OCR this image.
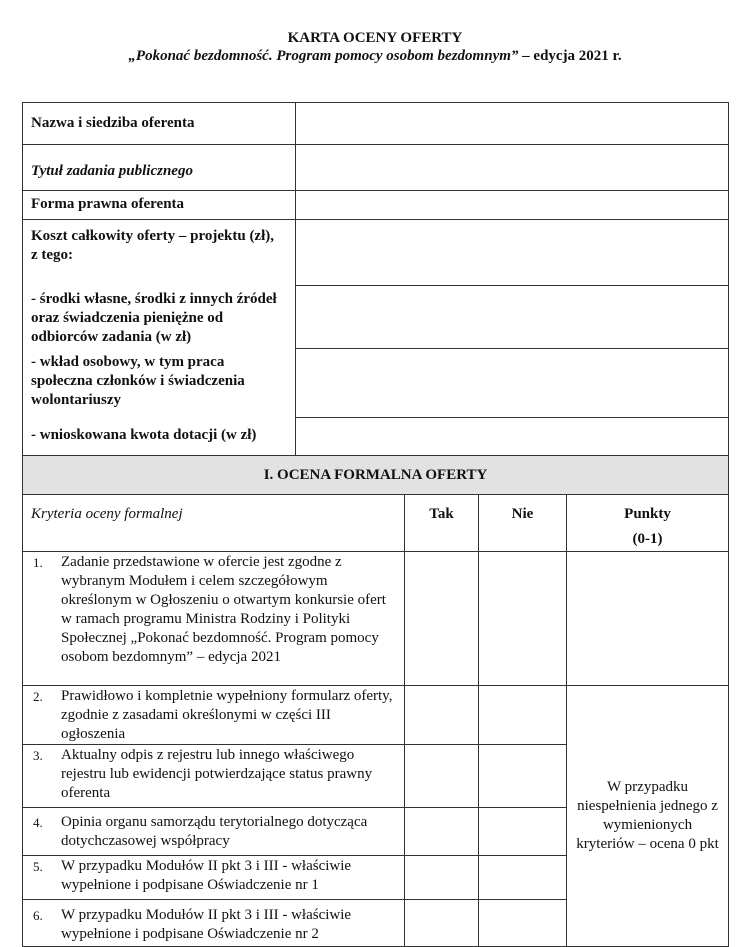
KARTA OCENY OFERTY
„Pokonać bezdomność. Program pomocy osobom bezdomnym” – edycja 2021 r.
Nazwa i siedziba oferenta	
Tytuł zadania publicznego	
Forma prawna oferenta	

Koszt całkowity oferty – projektu (zł),
z tego:	

- środki własne, środki z innych źródeł oraz świadczenia pieniężne od odbiorców zadania (w zł)	
- wkład osobowy, w tym praca społeczna członków i świadczenia wolontariuszy	
- wnioskowana kwota dotacji (w zł)	
I. OCENA FORMALNA OFERTY			
Kryteria oceny formalnej	Tak	Nie	Punkty
(0-1)

1. Zadanie przedstawione w ofercie jest zgodne z wybranym Modułem i celem szczegółowym określonym w Ogłoszeniu o otwartym konkursie ofert w ramach programu Ministra Rodziny i Polityki Społecznej „Pokonać bezdomność. Program pomocy osobom bezdomnym” – edycja 2021			

2. Prawidłowo i kompletnie wypełniony formularz oferty, zgodnie z zasadami określonymi w części III ogłoszenia			W przypadku niespełnienia jednego z wymienionych kryteriów – ocena 0 pkt

3. Aktualny odpis z rejestru lub innego właściwego rejestru lub ewidencji potwierdzające status prawny oferenta			

4. Opinia organu samorządu terytorialnego dotycząca dotychczasowej współpracy			

5. W przypadku Modułów II pkt 3 i III - właściwie wypełnione i podpisane Oświadczenie nr 1			

6. W przypadku Modułów II pkt 3 i III - właściwie wypełnione i podpisane Oświadczenie nr 2			
